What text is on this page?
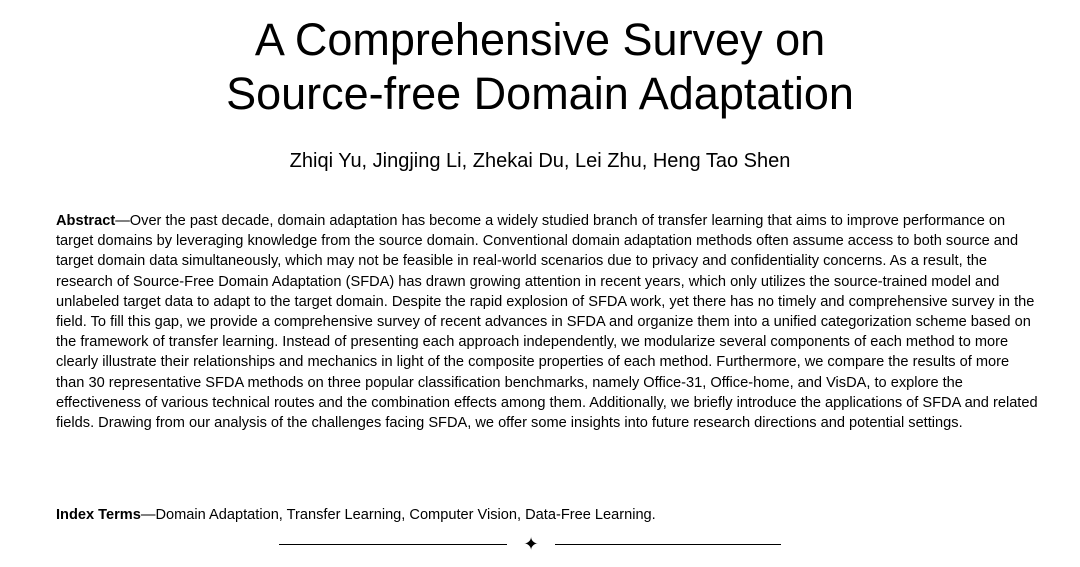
A Comprehensive Survey on
Source-free Domain Adaptation
Zhiqi Yu, Jingjing Li, Zhekai Du, Lei Zhu, Heng Tao Shen

Abstract—Over the past decade, domain adaptation has become a widely studied branch of transfer learning that aims to improve performance on target domains by leveraging knowledge from the source domain. Conventional domain adaptation methods often assume access to both source and target domain data simultaneously, which may not be feasible in real-world scenarios due to privacy and confidentiality concerns. As a result, the research of Source-Free Domain Adaptation (SFDA) has drawn growing attention in recent years, which only utilizes the source-trained model and unlabeled target data to adapt to the target domain. Despite the rapid explosion of SFDA work, yet there has no timely and comprehensive survey in the field. To fill this gap, we provide a comprehensive survey of recent advances in SFDA and organize them into a unified categorization scheme based on the framework of transfer learning. Instead of presenting each approach independently, we modularize several components of each method to more clearly illustrate their relationships and mechanics in light of the composite properties of each method. Furthermore, we compare the results of more than 30 representative SFDA methods on three popular classification benchmarks, namely Office-31, Office-home, and VisDA, to explore the effectiveness of various technical routes and the combination effects among them. Additionally, we briefly introduce the applications of SFDA and related fields. Drawing from our analysis of the challenges facing SFDA, we offer some insights into future research directions and potential settings.

Index Terms—Domain Adaptation, Transfer Learning, Computer Vision, Data-Free Learning.

✦
